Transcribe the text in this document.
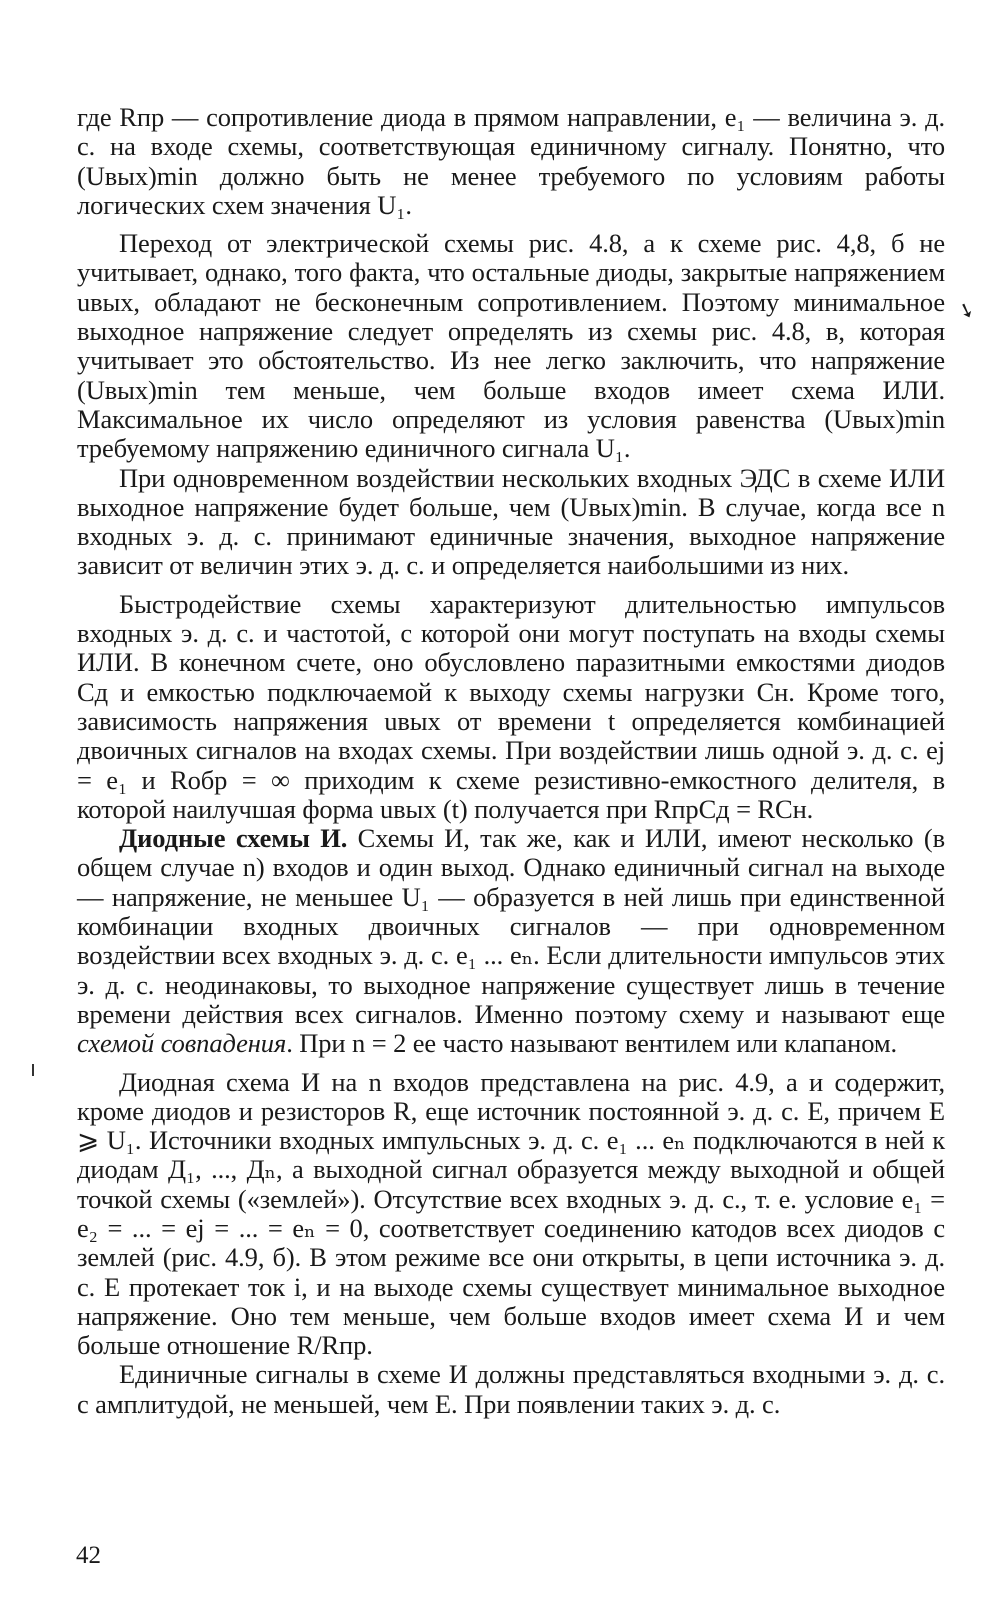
где Rпр — сопротивление диода в прямом направлении, e₁ — величина э. д. с. на входе схемы, соответствующая единичному сигналу. Понятно, что (Uвых)min должно быть не менее требуемого по условиям работы логических схем значения U₁.

Переход от электрической схемы рис. 4.8, а к схеме рис. 4,8, б не учитывает, однако, того факта, что остальные диоды, закрытые напряжением uвых, обладают не бесконечным сопротивлением. Поэтому минимальное выходное напряжение следует определять из схемы рис. 4.8, в, которая учитывает это обстоятельство. Из нее легко заключить, что напряжение (Uвых)min тем меньше, чем больше входов имеет схема ИЛИ. Максимальное их число определяют из условия равенства (Uвых)min требуемому напряжению единичного сигнала U₁.

При одновременном воздействии нескольких входных ЭДС в схеме ИЛИ выходное напряжение будет больше, чем (Uвых)min. В случае, когда все n входных э. д. с. принимают единичные значения, выходное напряжение зависит от величин этих э. д. с. и определяется наибольшими из них.

Быстродействие схемы характеризуют длительностью импульсов входных э. д. с. и частотой, с которой они могут поступать на входы схемы ИЛИ. В конечном счете, оно обусловлено паразитными емкостями диодов Cд и емкостью подключаемой к выходу схемы нагрузки Cн. Кроме того, зависимость напряжения uвых от времени t определяется комбинацией двоичных сигналов на входах схемы. При воздействии лишь одной э. д. с. ej = e₁ и Rобр = ∞ приходим к схеме резистивно-емкостного делителя, в которой наилучшая форма uвых (t) получается при RпрCд = RCн.

Диодные схемы И. Схемы И, так же, как и ИЛИ, имеют несколько (в общем случае n) входов и один выход. Однако единичный сигнал на выходе — напряжение, не меньшее U₁ — образуется в ней лишь при единственной комбинации входных двоичных сигналов — при одновременном воздействии всех входных э. д. с. e₁ ... eₙ. Если длительности импульсов этих э. д. с. неодинаковы, то выходное напряжение существует лишь в течение времени действия всех сигналов. Именно поэтому схему и называют еще схемой совпадения. При n = 2 ее часто называют вентилем или клапаном.

Диодная схема И на n входов представлена на рис. 4.9, а и содержит, кроме диодов и резисторов R, еще источник постоянной э. д. с. E, причем E ⩾ U₁. Источники входных импульсных э. д. с. e₁ ... eₙ подключаются в ней к диодам Д₁, ..., Дₙ, а выходной сигнал образуется между выходной и общей точкой схемы («землей»). Отсутствие всех входных э. д. с., т. е. условие e₁ = e₂ = ... = ej = ... = eₙ = 0, соответствует соединению катодов всех диодов с землей (рис. 4.9, б). В этом режиме все они открыты, в цепи источника э. д. с. E протекает ток i, и на выходе схемы существует минимальное выходное напряжение. Оно тем меньше, чем больше входов имеет схема И и чем больше отношение R/Rпр.

Единичные сигналы в схеме И должны представляться входными э. д. с. с амплитудой, не меньшей, чем E. При появлении таких э. д. с.

➘
42
